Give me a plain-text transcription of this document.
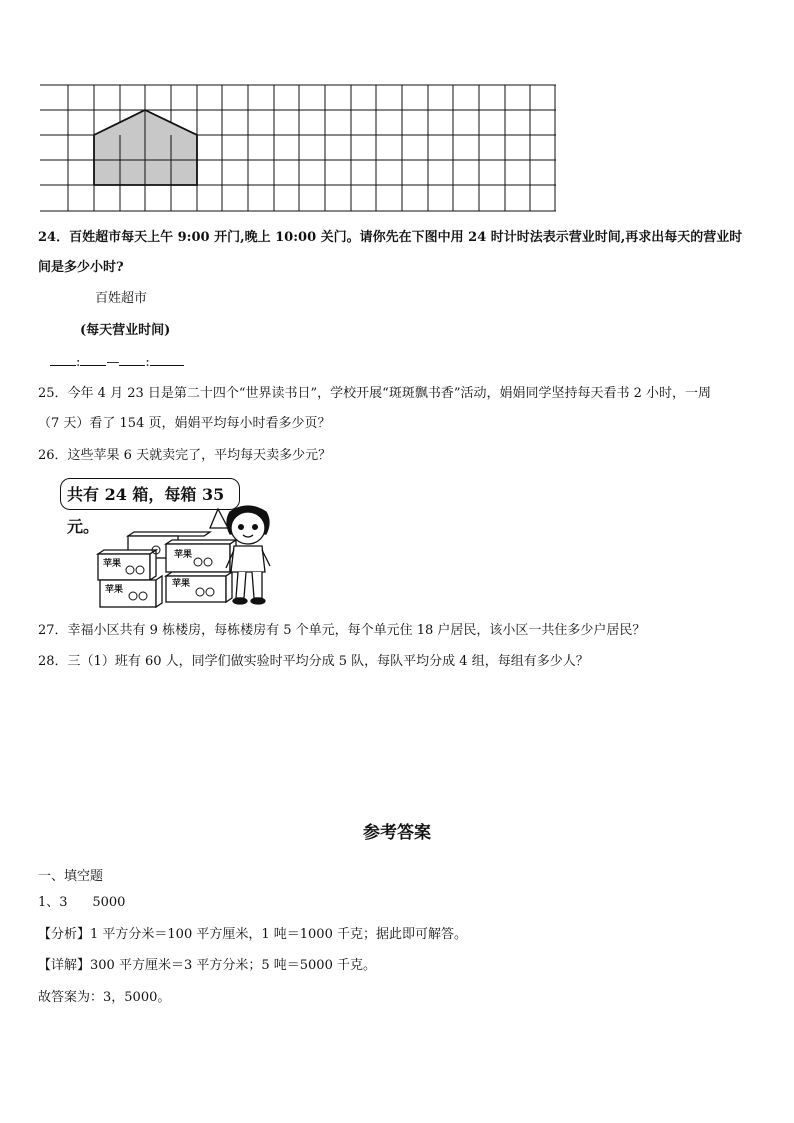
24．百姓超市每天上午 9:00 开门,晚上 10:00 关门。请你先在下图中用 24 时计时法表示营业时间,再求出每天的营业时
间是多少小时?
百姓超市
(每天营业时间)
: — :
25．今年 4 月 23 日是第二十四个“世界读书日”，学校开展“斑斑飘书香”活动，娟娟同学坚持每天看书 2 小时，一周
（7 天）看了 154 页，娟娟平均每小时看多少页？
26．这些苹果 6 天就卖完了，平均每天卖多少元？
共有 24 箱，每箱 35 元。
苹果
苹果
苹果
苹果
27．幸福小区共有 9 栋楼房，每栋楼房有 5 个单元，每个单元住 18 户居民，该小区一共住多少户居民？
28．三（1）班有 60 人，同学们做实验时平均分成 5 队，每队平均分成 4 组，每组有多少人？
参考答案
一、填空题
1、3      5000
【分析】1 平方分米＝100 平方厘米，1 吨＝1000 千克；据此即可解答。
【详解】300 平方厘米＝3 平方分米；5 吨＝5000 千克。
故答案为：3，5000。
